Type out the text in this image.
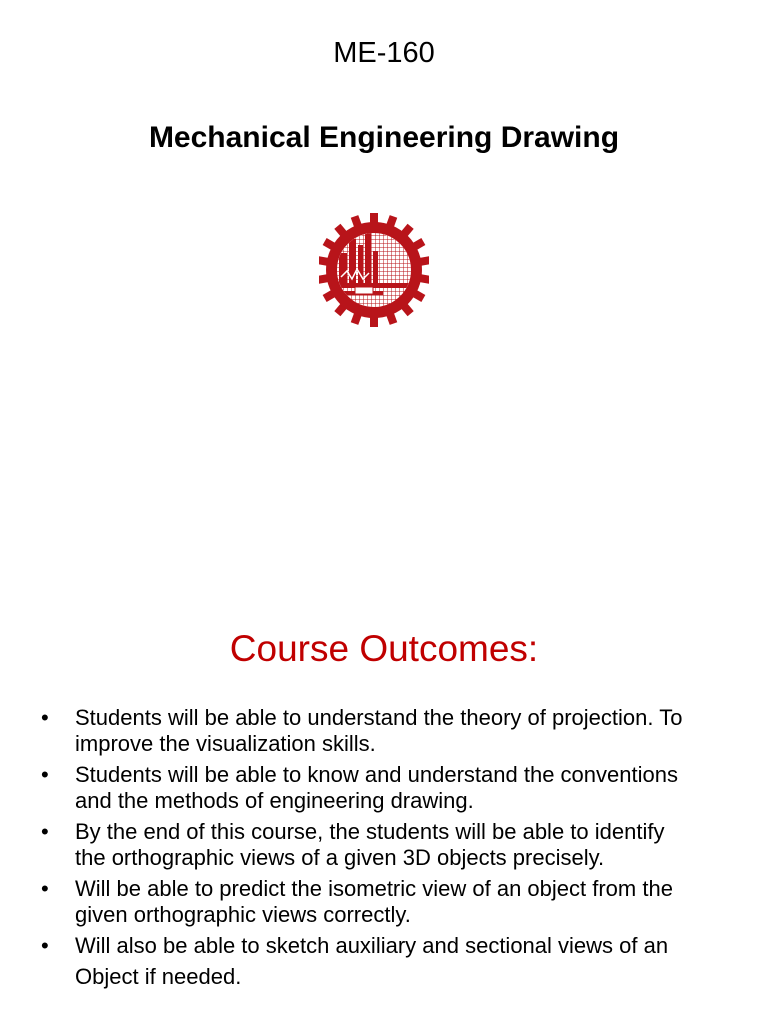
ME-160
Mechanical Engineering Drawing
Course Outcomes:
•	Students will be able to understand the theory of projection. To improve the visualization skills.
•	Students will be able to know and understand the conventions and the methods of engineering drawing.
•	By the end of this course, the students will be able to identify the orthographic views of a given 3D objects precisely.
•	Will be able to predict the isometric view of an object from the given orthographic views correctly.
•	Will also be able to sketch auxiliary and sectional views of an
Object if needed.
